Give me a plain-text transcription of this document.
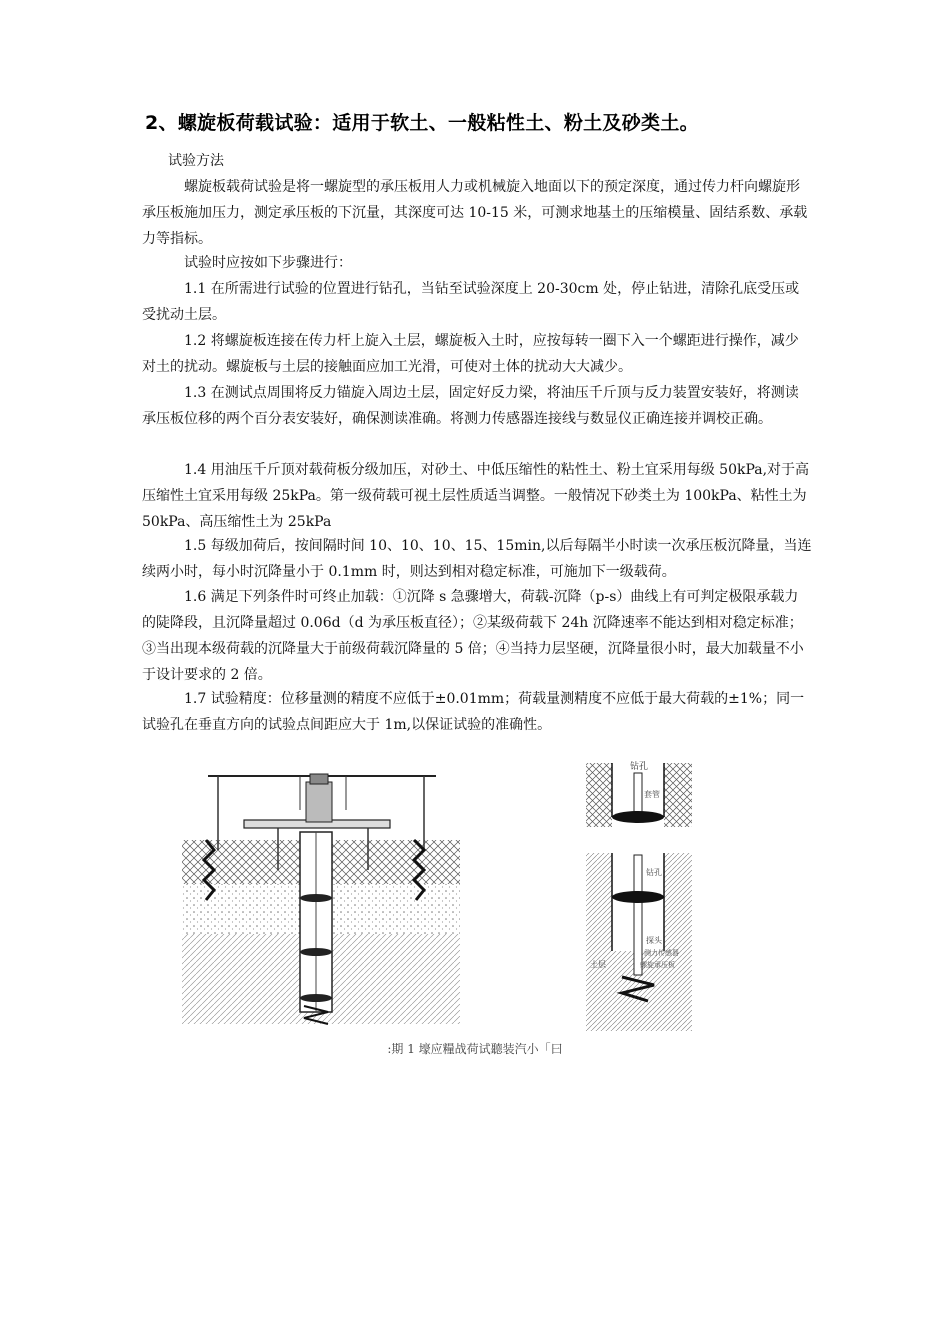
2、螺旋板荷载试验：适用于软土、一般粘性土、粉土及砂类土。
试验方法

螺旋板载荷试验是将一螺旋型的承压板用人力或机械旋入地面以下的预定深度，通过传力杆向螺旋形承压板施加压力，测定承压板的下沉量，其深度可达 10-15 米，可测求地基土的压缩模量、固结系数、承载力等指标。

试验时应按如下步骤进行：

1.1 在所需进行试验的位置进行钻孔，当钻至试验深度上 20-30cm 处，停止钻进，清除孔底受压或受扰动土层。

1.2 将螺旋板连接在传力杆上旋入土层，螺旋板入土时，应按每转一圈下入一个螺距进行操作，减少对土的扰动。螺旋板与土层的接触面应加工光滑，可使对土体的扰动大大减少。

1.3 在测试点周围将反力锚旋入周边土层，固定好反力梁，将油压千斤顶与反力装置安装好，将测读承压板位移的两个百分表安装好，确保测读准确。将测力传感器连接线与数显仪正确连接并调校正确。

1.4 用油压千斤顶对载荷板分级加压，对砂土、中低压缩性的粘性土、粉土宜采用每级 50kPa,对于高压缩性土宜采用每级 25kPa。第一级荷载可视土层性质适当调整。一般情况下砂类土为 100kPa、粘性土为 50kPa、高压缩性土为 25kPa

1.5 每级加荷后，按间隔时间 10、10、10、15、15min,以后每隔半小时读一次承压板沉降量，当连续两小时，每小时沉降量小于 0.1mm 时，则达到相对稳定标准，可施加下一级载荷。

1.6 满足下列条件时可终止加载：①沉降 s 急骤增大，荷载-沉降（p-s）曲线上有可判定极限承载力的陡降段，且沉降量超过 0.06d（d 为承压板直径）；②某级荷载下 24h 沉降速率不能达到相对稳定标准；③当出现本级荷载的沉降量大于前级荷载沉降量的 5 倍；④当持力层坚硬，沉降量很小时，最大加载量不小于设计要求的 2 倍。

1.7 试验精度：位移量测的精度不应低于±0.01mm；荷载量测精度不应低于最大荷载的±1%；同一试验孔在垂直方向的试验点间距应大于 1m,以保证试验的准确性。

钻孔
套管
钻孔
探头
测力传感器
土层	螺旋承压板
:期 1 壕应糧战荷试聽装汽小「曰
